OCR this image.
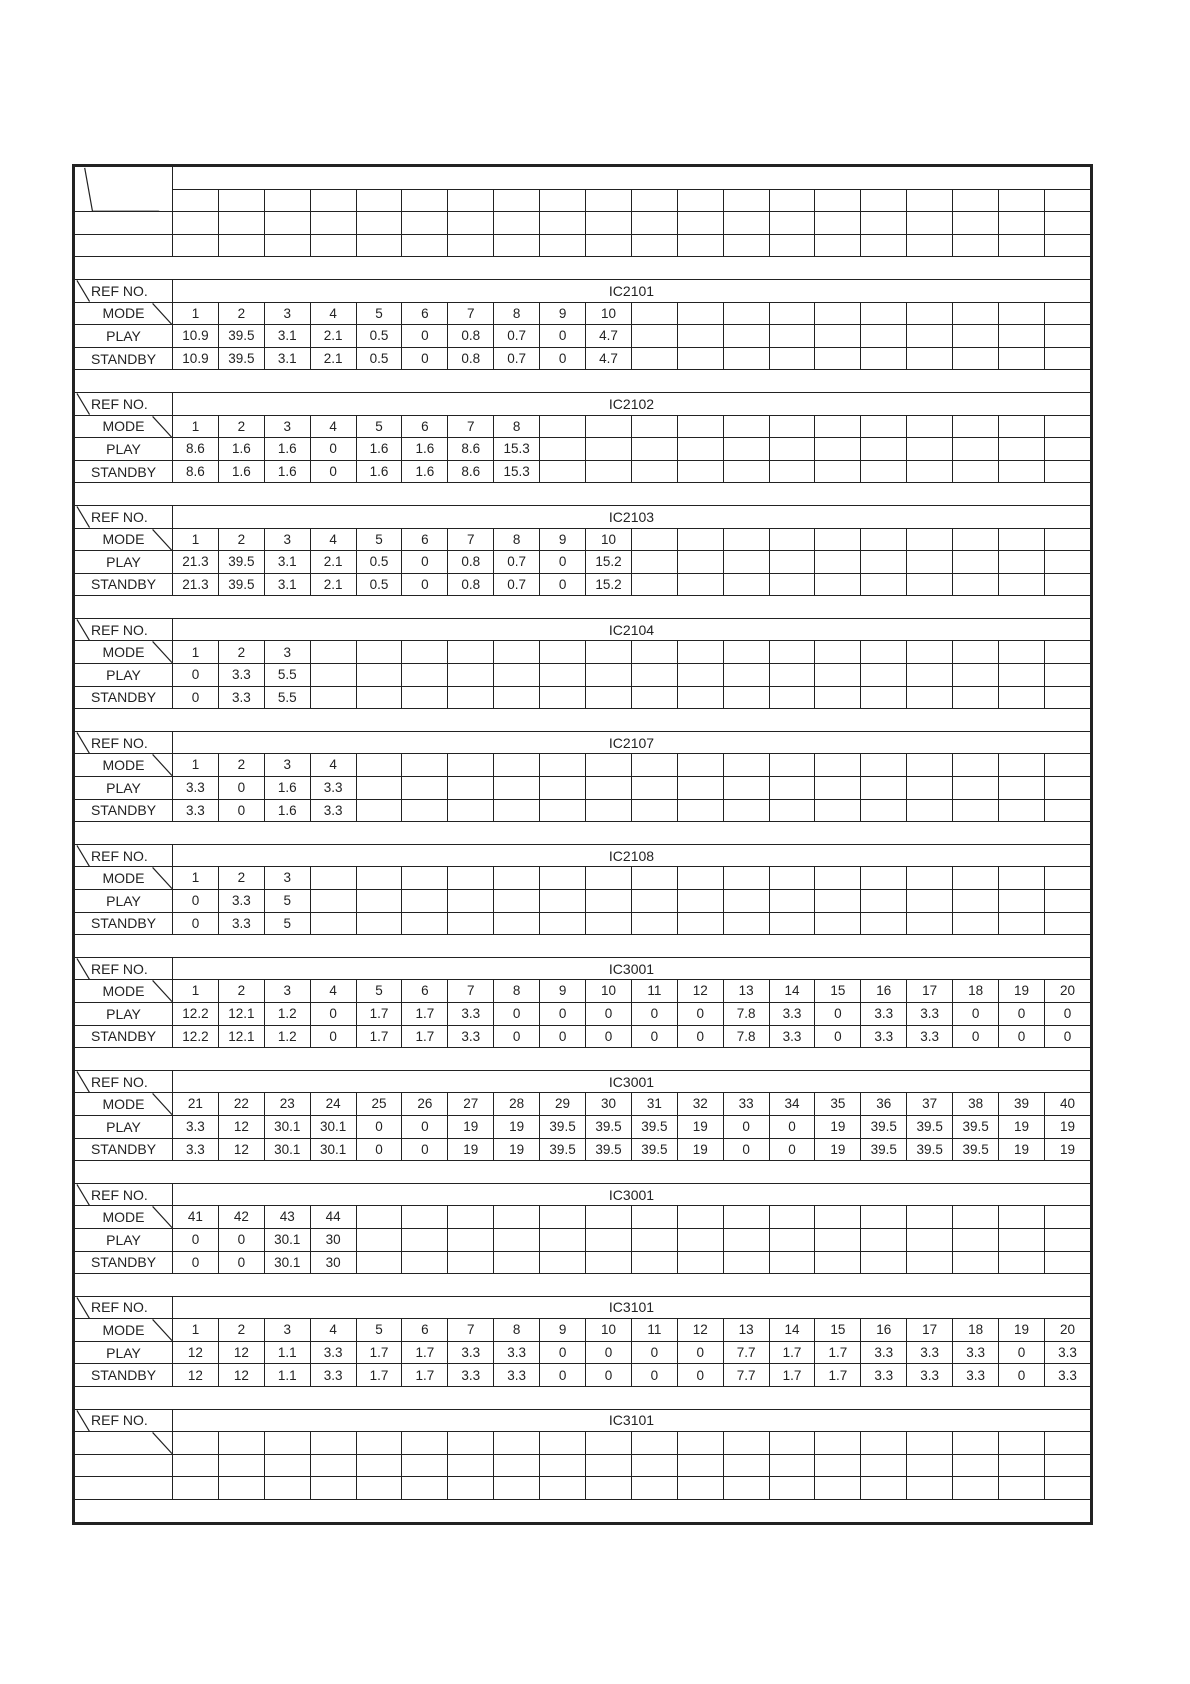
REF NO.	IC2101																			
MODE	1	2	3	4	5	6	7	8	9	10										
PLAY	10.9	39.5	3.1	2.1	0.5	0	0.8	0.7	0	4.7										
STANDBY	10.9	39.5	3.1	2.1	0.5	0	0.8	0.7	0	4.7										

REF NO.	IC2102																			
MODE	1	2	3	4	5	6	7	8												
PLAY	8.6	1.6	1.6	0	1.6	1.6	8.6	15.3												
STANDBY	8.6	1.6	1.6	0	1.6	1.6	8.6	15.3												

REF NO.	IC2103																			
MODE	1	2	3	4	5	6	7	8	9	10										
PLAY	21.3	39.5	3.1	2.1	0.5	0	0.8	0.7	0	15.2										
STANDBY	21.3	39.5	3.1	2.1	0.5	0	0.8	0.7	0	15.2										

REF NO.	IC2104																			
MODE	1	2	3																	
PLAY	0	3.3	5.5																	
STANDBY	0	3.3	5.5																	

REF NO.	IC2107																			
MODE	1	2	3	4																
PLAY	3.3	0	1.6	3.3																
STANDBY	3.3	0	1.6	3.3																

REF NO.	IC2108																			
MODE	1	2	3																	
PLAY	0	3.3	5																	
STANDBY	0	3.3	5																	

REF NO.	IC3001																			
MODE	1	2	3	4	5	6	7	8	9	10	11	12	13	14	15	16	17	18	19	20
PLAY	12.2	12.1	1.2	0	1.7	1.7	3.3	0	0	0	0	0	7.8	3.3	0	3.3	3.3	0	0	0
STANDBY	12.2	12.1	1.2	0	1.7	1.7	3.3	0	0	0	0	0	7.8	3.3	0	3.3	3.3	0	0	0

REF NO.	IC3001																			
MODE	21	22	23	24	25	26	27	28	29	30	31	32	33	34	35	36	37	38	39	40
PLAY	3.3	12	30.1	30.1	0	0	19	19	39.5	39.5	39.5	19	0	0	19	39.5	39.5	39.5	19	19
STANDBY	3.3	12	30.1	30.1	0	0	19	19	39.5	39.5	39.5	19	0	0	19	39.5	39.5	39.5	19	19

REF NO.	IC3001																			
MODE	41	42	43	44																
PLAY	0	0	30.1	30																
STANDBY	0	0	30.1	30																

REF NO.	IC3101																			
MODE	1	2	3	4	5	6	7	8	9	10	11	12	13	14	15	16	17	18	19	20
PLAY	12	12	1.1	3.3	1.7	1.7	3.3	3.3	0	0	0	0	7.7	1.7	1.7	3.3	3.3	3.3	0	3.3
STANDBY	12	12	1.1	3.3	1.7	1.7	3.3	3.3	0	0	0	0	7.7	1.7	1.7	3.3	3.3	3.3	0	3.3

REF NO.	IC3101																			
